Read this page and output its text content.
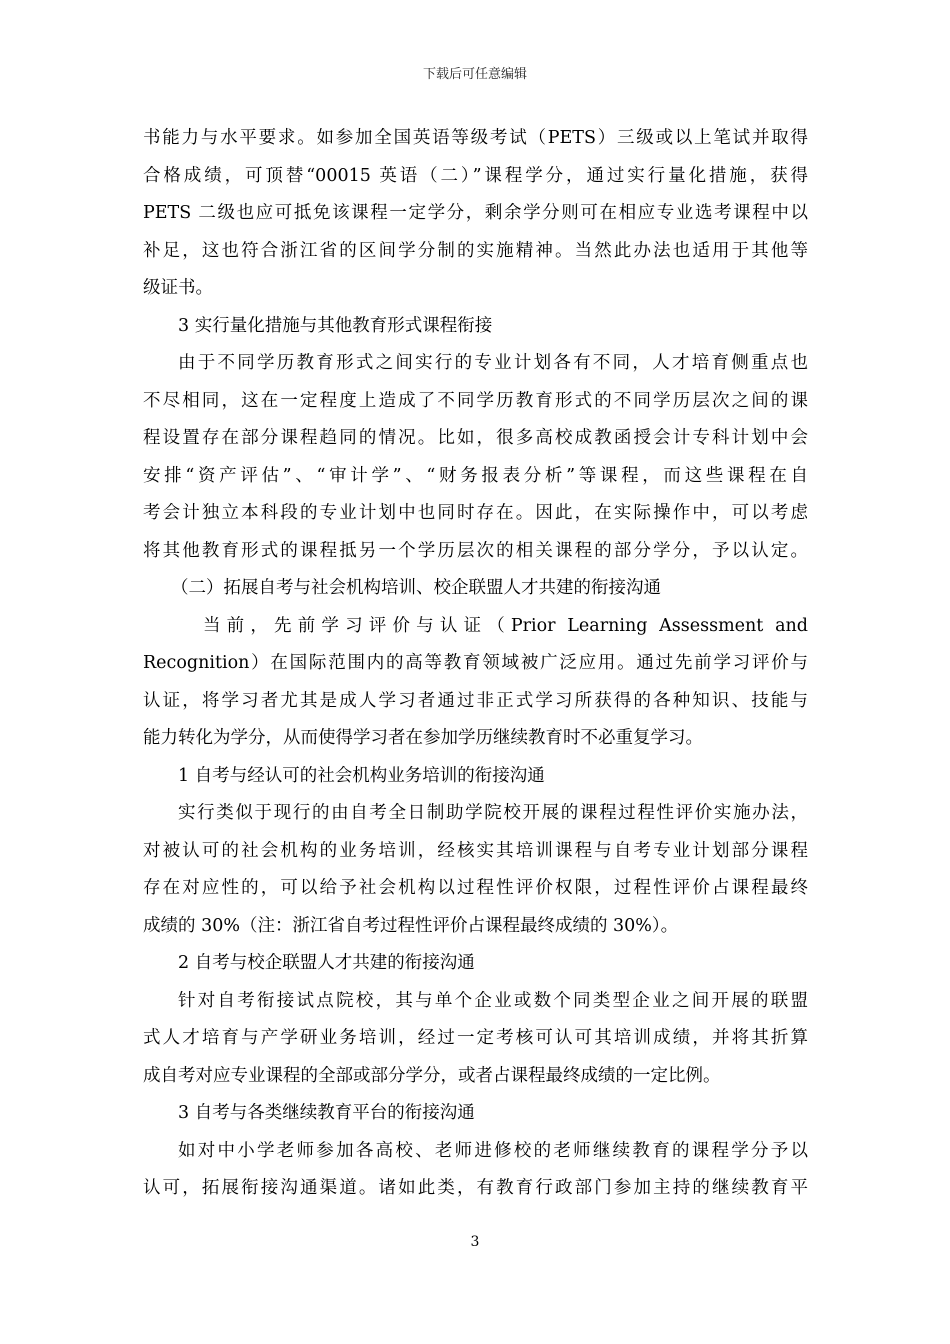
下载后可任意编辑
书能力与水平要求。如参加全国英语等级考试（PETS）三级或以上笔试并取得
合格成绩，可顶替“00015 英语（二）”课程学分，通过实行量化措施，获得
PETS 二级也应可抵免该课程一定学分，剩余学分则可在相应专业选考课程中以
补足，这也符合浙江省的区间学分制的实施精神。当然此办法也适用于其他等
级证书。
3 实行量化措施与其他教育形式课程衔接
由于不同学历教育形式之间实行的专业计划各有不同，人才培育侧重点也
不尽相同，这在一定程度上造成了不同学历教育形式的不同学历层次之间的课
程设置存在部分课程趋同的情况。比如，很多高校成教函授会计专科计划中会
安排“资产评估”、“审计学”、“财务报表分析”等课程，而这些课程在自
考会计独立本科段的专业计划中也同时存在。因此，在实际操作中，可以考虑
将其他教育形式的课程抵另一个学历层次的相关课程的部分学分，予以认定。
（二）拓展自考与社会机构培训、校企联盟人才共建的衔接沟通
当前，先前学习评价与认证（Prior Learning Assessment and
Recognition）在国际范围内的高等教育领域被广泛应用。通过先前学习评价与
认证，将学习者尤其是成人学习者通过非正式学习所获得的各种知识、技能与
能力转化为学分，从而使得学习者在参加学历继续教育时不必重复学习。
1 自考与经认可的社会机构业务培训的衔接沟通
实行类似于现行的由自考全日制助学院校开展的课程过程性评价实施办法，
对被认可的社会机构的业务培训，经核实其培训课程与自考专业计划部分课程
存在对应性的，可以给予社会机构以过程性评价权限，过程性评价占课程最终
成绩的 30%（注：浙江省自考过程性评价占课程最终成绩的 30%）。
2 自考与校企联盟人才共建的衔接沟通
针对自考衔接试点院校，其与单个企业或数个同类型企业之间开展的联盟
式人才培育与产学研业务培训，经过一定考核可认可其培训成绩，并将其折算
成自考对应专业课程的全部或部分学分，或者占课程最终成绩的一定比例。
3 自考与各类继续教育平台的衔接沟通
如对中小学老师参加各高校、老师进修校的老师继续教育的课程学分予以
认可，拓展衔接沟通渠道。诸如此类，有教育行政部门参加主持的继续教育平
3
